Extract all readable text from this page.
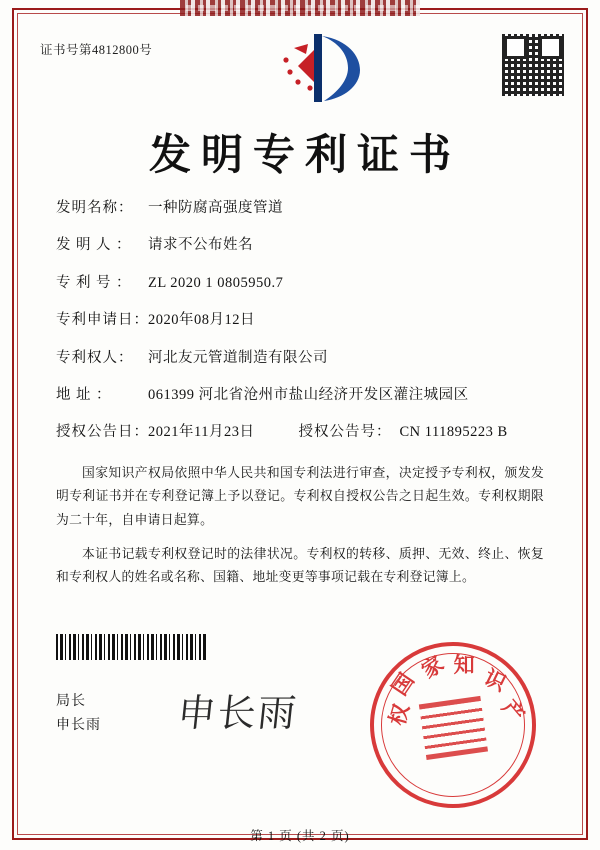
证书号第4812800号
发明专利证书
发明名称：	一种防腐高强度管道
发明人： 请求不公布姓名
专利号： ZL 2020 1 0805950.7
专利申请日： 2020年08月12日
专利权人：	河北友元管道制造有限公司
地址：	061399 河北省沧州市盐山经济开发区灌注城园区
授权公告日： 2021年11月23日	授权公告号： CN 111895223 B

国家知识产权局依照中华人民共和国专利法进行审查，决定授予专利权，颁发发明专利证书并在专利登记簿上予以登记。专利权自授权公告之日起生效。专利权期限为二十年，自申请日起算。

本证书记载专利权登记时的法律状况。专利权的转移、质押、无效、终止、恢复和专利权人的姓名或名称、国籍、地址变更等事项记载在专利登记簿上。

局长
申长雨 申长雨
国
家 知 识
产
权
第 1 页 (共 2 页)
